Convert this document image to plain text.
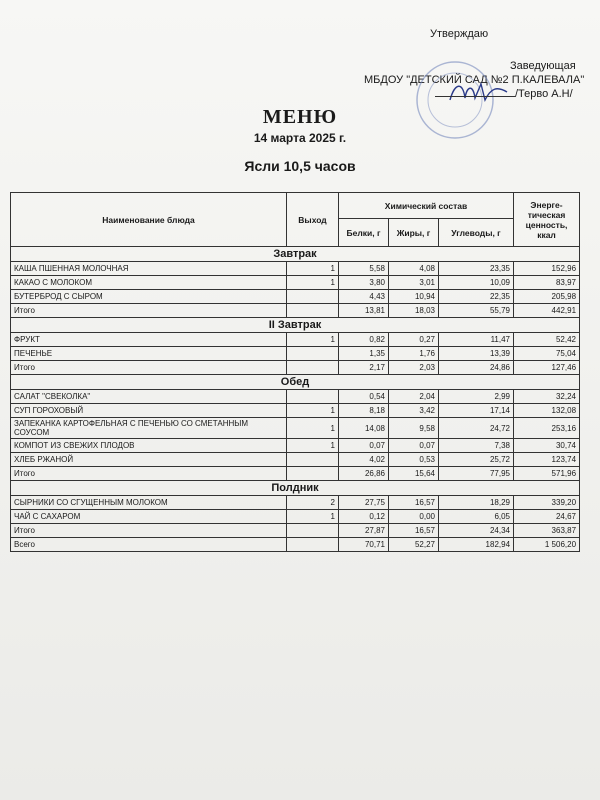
Утверждаю
Заведующая
МБДОУ "ДЕТСКИЙ САД №2 П.КАЛЕВАЛА"
/Терво А.Н/
МЕНЮ
14 марта 2025 г.
Ясли 10,5 часов
Наименование блюда	Выход	Химический состав			Энерге-тическая ценность, ккал
		Белки, г	Жиры, г	Углеводы, г	
Завтрак					
КАША ПШЕННАЯ МОЛОЧНАЯ	1	5,58	4,08	23,35	152,96
КАКАО С МОЛОКОМ	1	3,80	3,01	10,09	83,97
БУТЕРБРОД С СЫРОМ		4,43	10,94	22,35	205,98
Итого		13,81	18,03	55,79	442,91
II Завтрак					
ФРУКТ	1	0,82	0,27	11,47	52,42
ПЕЧЕНЬЕ		1,35	1,76	13,39	75,04
Итого		2,17	2,03	24,86	127,46
Обед					
САЛАТ "СВЕКОЛКА"		0,54	2,04	2,99	32,24
СУП ГОРОХОВЫЙ	1	8,18	3,42	17,14	132,08
ЗАПЕКАНКА КАРТОФЕЛЬНАЯ С ПЕЧЕНЬЮ СО СМЕТАННЫМ СОУСОМ	1	14,08	9,58	24,72	253,16
КОМПОТ ИЗ СВЕЖИХ ПЛОДОВ	1	0,07	0,07	7,38	30,74
ХЛЕБ РЖАНОЙ		4,02	0,53	25,72	123,74
Итого		26,86	15,64	77,95	571,96
Полдник					
СЫРНИКИ СО СГУЩЕННЫМ МОЛОКОМ	2	27,75	16,57	18,29	339,20
ЧАЙ С САХАРОМ	1	0,12	0,00	6,05	24,67
Итого		27,87	16,57	24,34	363,87
Всего		70,71	52,27	182,94	1 506,20
